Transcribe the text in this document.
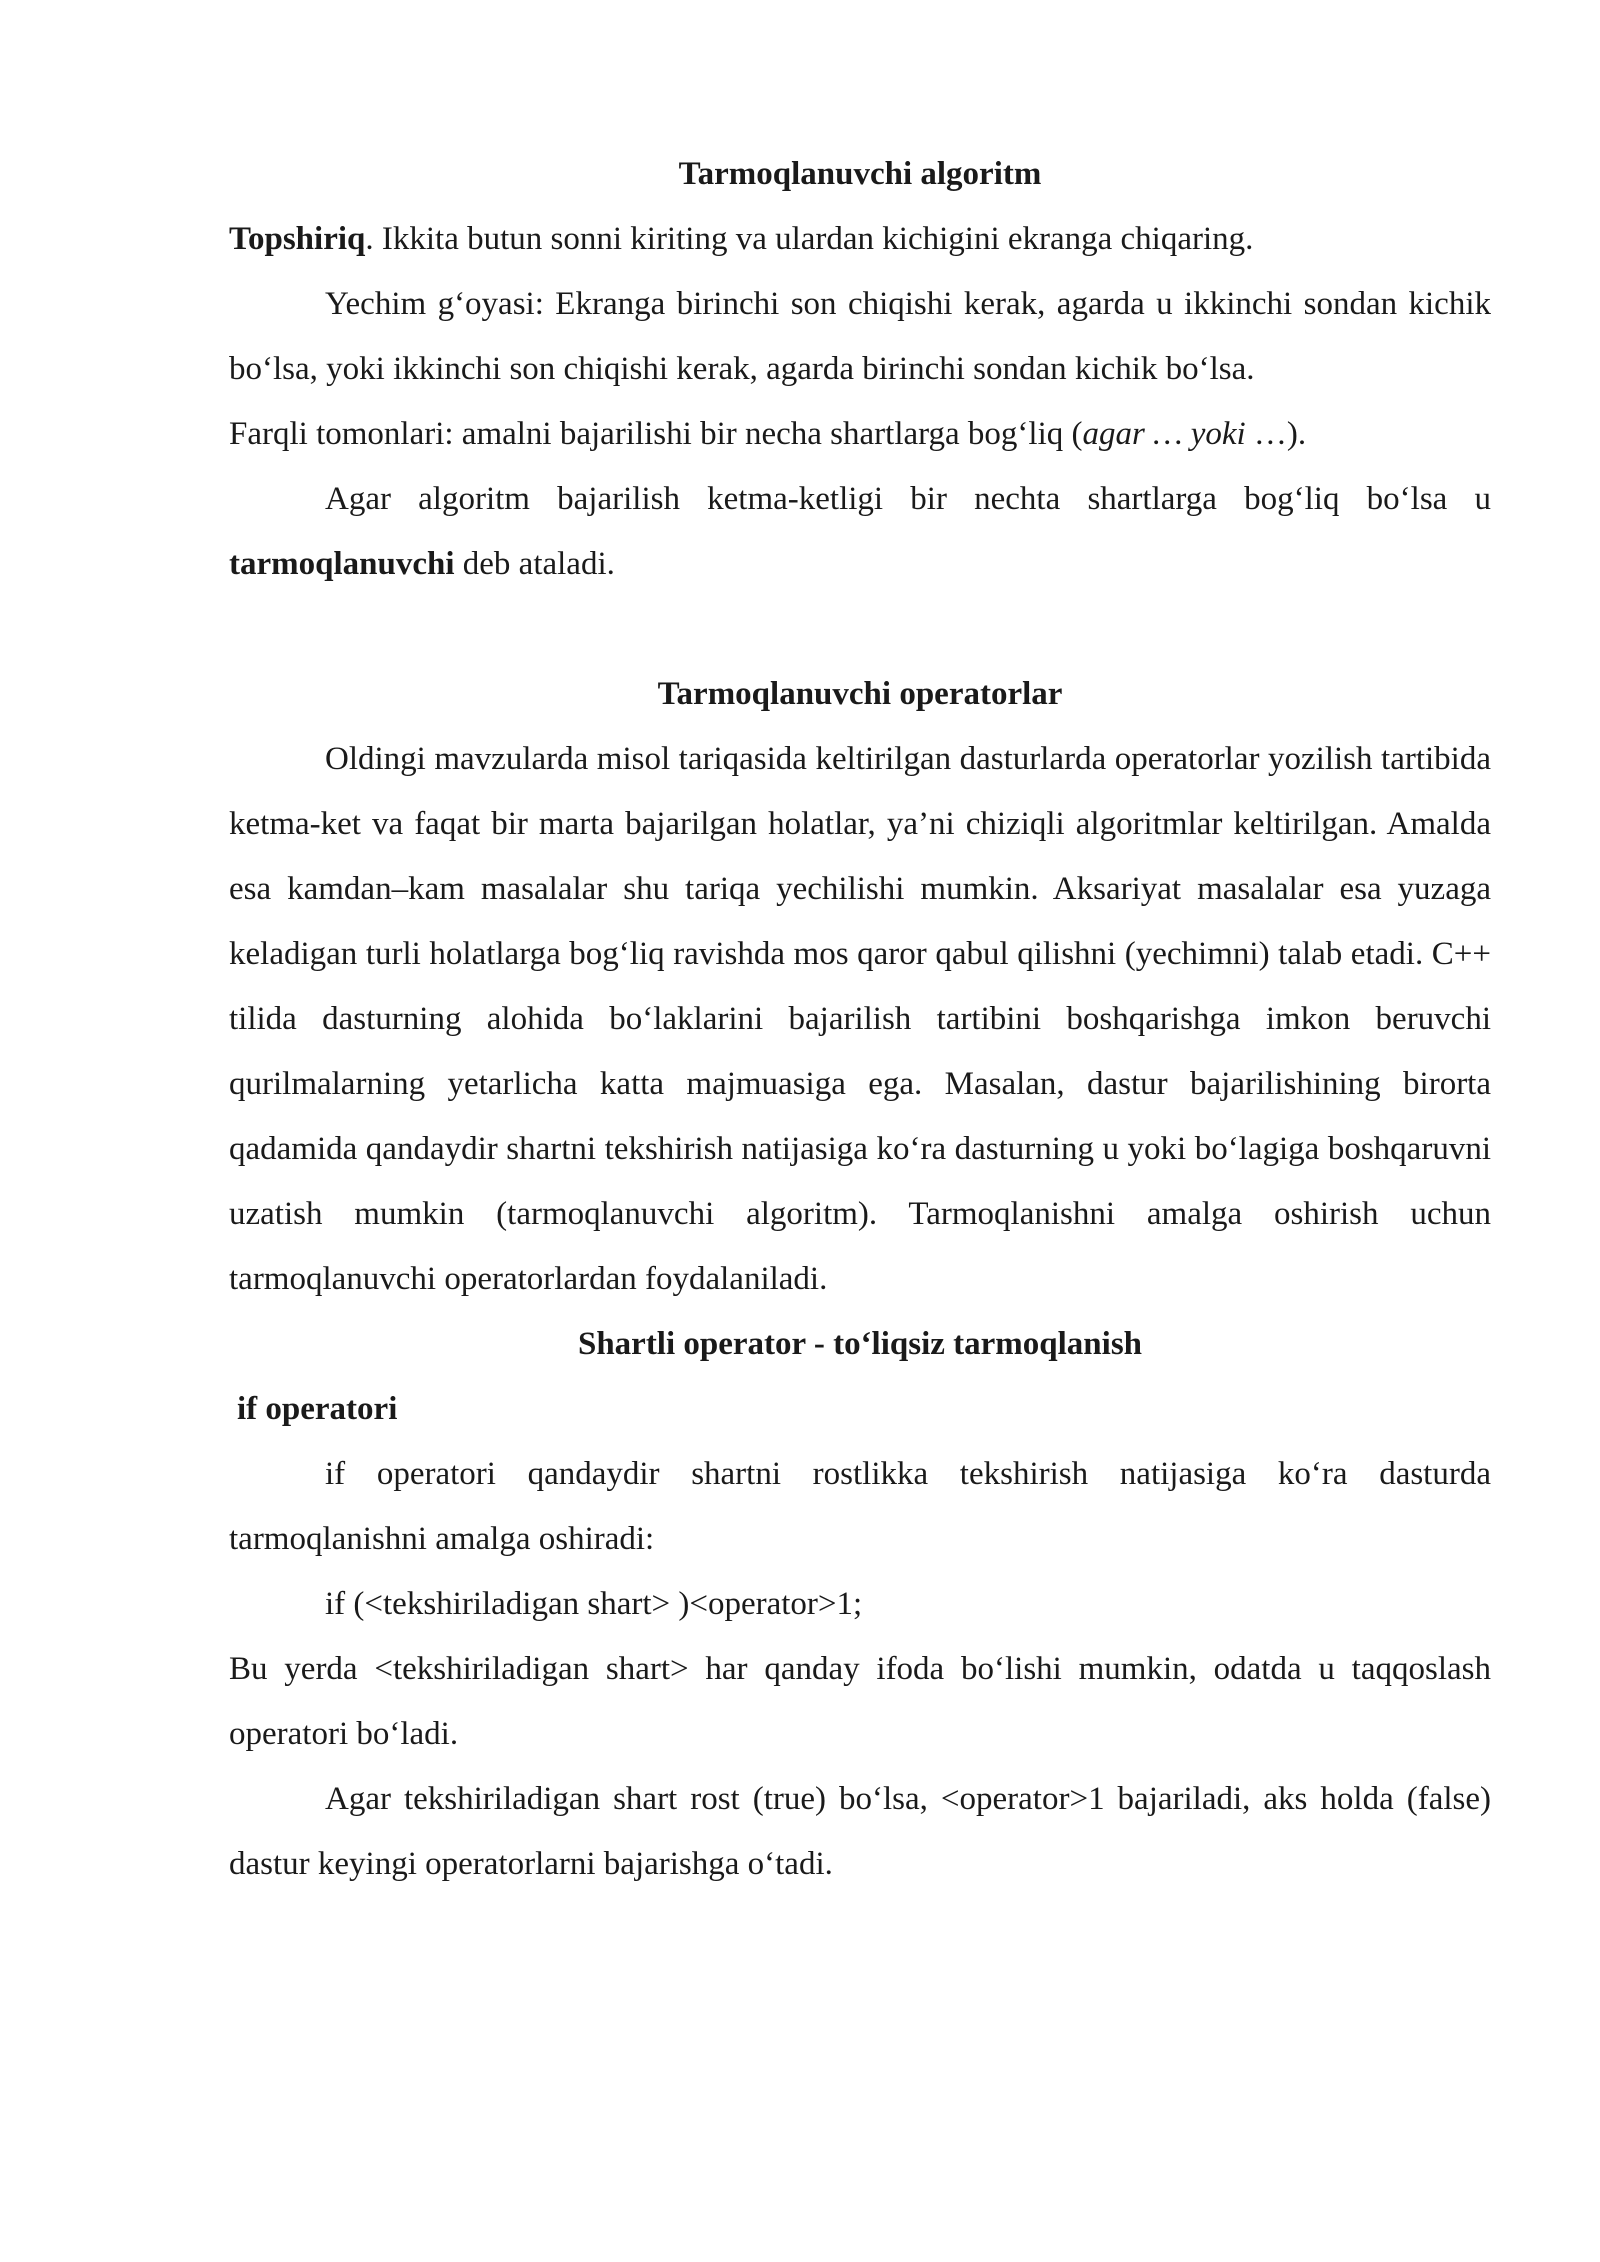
Tarmoqlanuvchi algoritm

Topshiriq. Ikkita butun sonni kiriting va ulardan kichigini ekranga chiqaring.

Yechim g‘oyasi: Ekranga birinchi son chiqishi kerak, agarda u ikkinchi sondan kichik bo‘lsa, yoki ikkinchi son chiqishi kerak, agarda birinchi sondan kichik bo‘lsa.

Farqli tomonlari: amalni bajarilishi bir necha shartlarga bog‘liq (agar … yoki …).

Agar algoritm bajarilish ketma-ketligi bir nechta shartlarga bog‘liq bo‘lsa u tarmoqlanuvchi deb ataladi.

Tarmoqlanuvchi operatorlar

Oldingi mavzularda misol tariqasida keltirilgan dasturlarda operatorlar yozilish tartibida ketma-ket va faqat bir marta bajarilgan holatlar, ya’ni chiziqli algoritmlar keltirilgan. Amalda esa kamdan–kam masalalar shu tariqa yechilishi mumkin. Aksariyat masalalar esa yuzaga keladigan turli holatlarga bog‘liq ravishda mos qaror qabul qilishni (yechimni) talab etadi. C++ tilida dasturning alohida bo‘laklarini bajarilish tartibini boshqarishga imkon beruvchi qurilmalarning yetarlicha katta majmuasiga ega. Masalan, dastur bajarilishining birorta qadamida qandaydir shartni tekshirish natijasiga ko‘ra dasturning u yoki bo‘lagiga boshqaruvni uzatish mumkin (tarmoqlanuvchi algoritm). Tarmoqlanishni amalga oshirish uchun tarmoqlanuvchi operatorlardan foydalaniladi.

Shartli operator - to‘liqsiz tarmoqlanish

if operatori

if operatori qandaydir shartni rostlikka tekshirish natijasiga ko‘ra dasturda tarmoqlanishni amalga oshiradi:

if (<tekshiriladigan shart> )<operator>1;

Bu yerda <tekshiriladigan shart> har qanday ifoda bo‘lishi mumkin, odatda u taqqoslash operatori bo‘ladi.

Agar tekshiriladigan shart rost (true) bo‘lsa, <operator>1 bajariladi, aks holda (false) dastur keyingi operatorlarni bajarishga o‘tadi.
